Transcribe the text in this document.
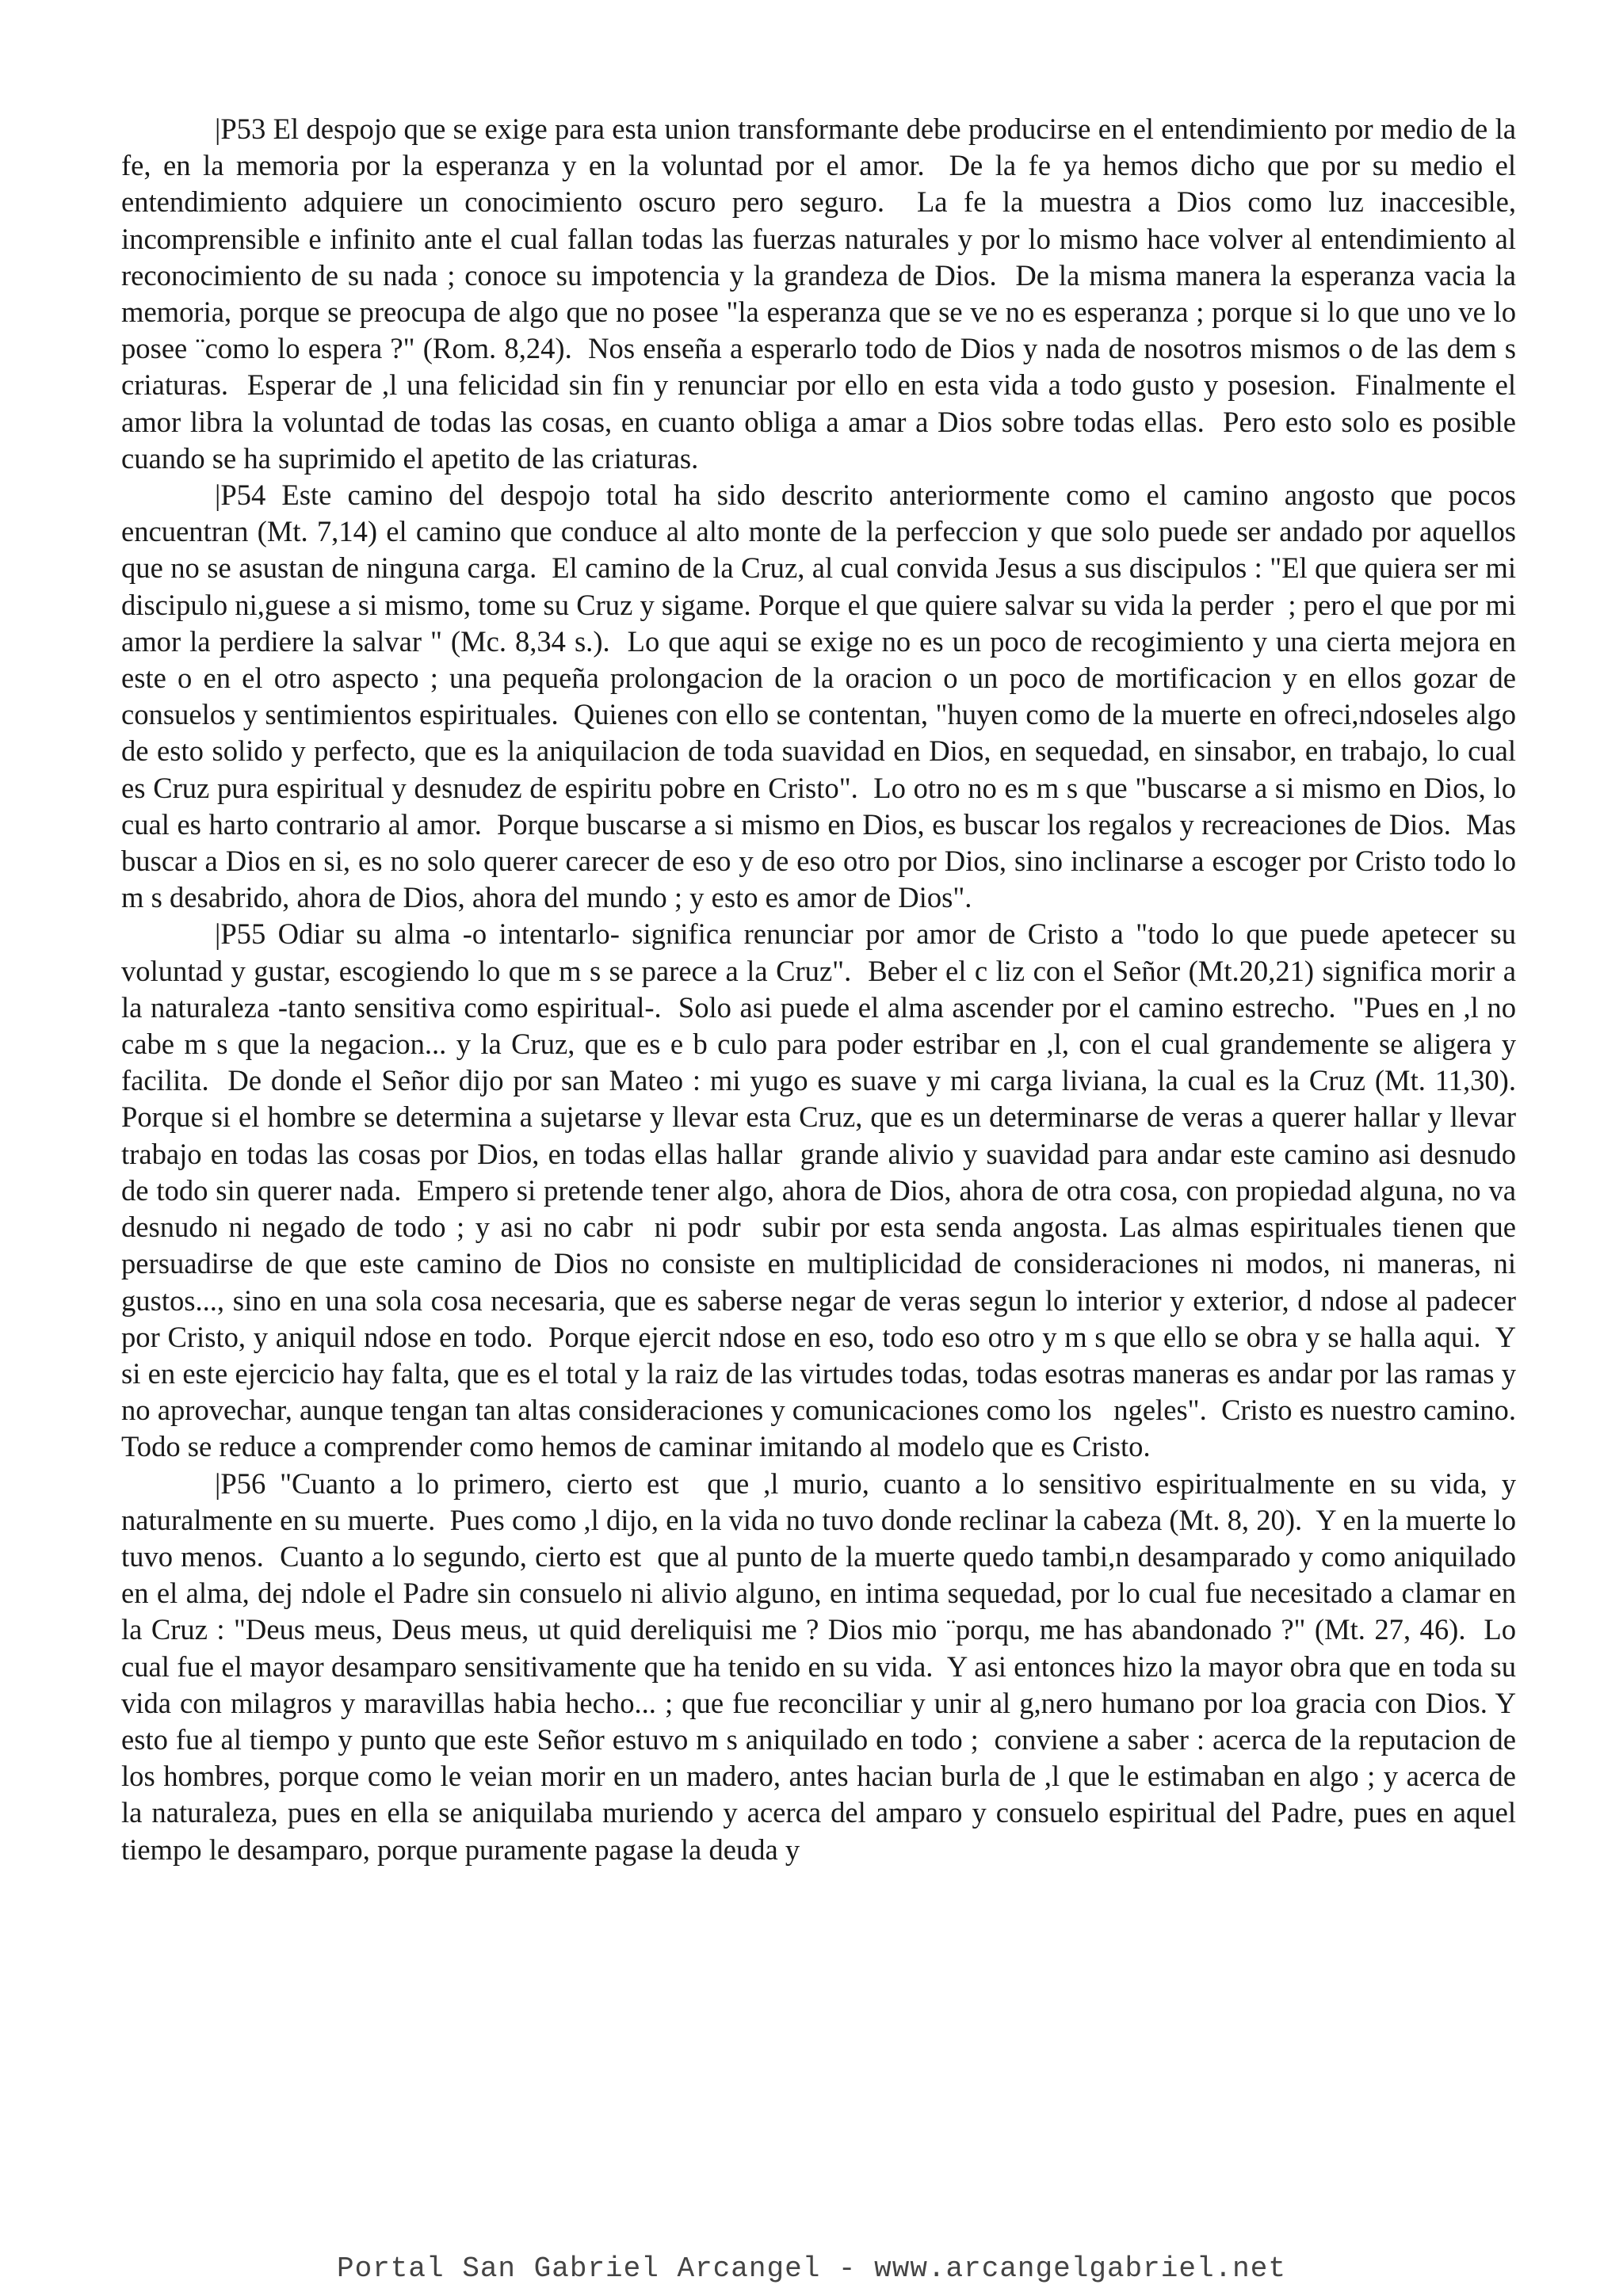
|P53 El despojo que se exige para esta union transformante debe producirse en el entendimiento por medio de la fe, en la memoria por la esperanza y en la voluntad por el amor.  De la fe ya hemos dicho que por su medio el entendimiento adquiere un conocimiento oscuro pero seguro.  La fe la muestra a Dios como luz inaccesible, incomprensible e infinito ante el cual fallan todas las fuerzas naturales y por lo mismo hace volver al entendimiento al reconocimiento de su nada ; conoce su impotencia y la grandeza de Dios.  De la misma manera la esperanza vacia la memoria, porque se preocupa de algo que no posee "la esperanza que se ve no es esperanza ; porque si lo que uno ve lo posee ¨como lo espera ?" (Rom. 8,24).  Nos enseña a esperarlo todo de Dios y nada de nosotros mismos o de las dem s criaturas.  Esperar de ,l una felicidad sin fin y renunciar por ello en esta vida a todo gusto y posesion.  Finalmente el amor libra la voluntad de todas las cosas, en cuanto obliga a amar a Dios sobre todas ellas.  Pero esto solo es posible cuando se ha suprimido el apetito de las criaturas.

|P54 Este camino del despojo total ha sido descrito anteriormente como el camino angosto que pocos encuentran (Mt. 7,14) el camino que conduce al alto monte de la perfeccion y que solo puede ser andado por aquellos que no se asustan de ninguna carga.  El camino de la Cruz, al cual convida Jesus a sus discipulos : "El que quiera ser mi discipulo ni,guese a si mismo, tome su Cruz y sigame. Porque el que quiere salvar su vida la perder  ; pero el que por mi amor la perdiere la salvar " (Mc. 8,34 s.).  Lo que aqui se exige no es un poco de recogimiento y una cierta mejora en este o en el otro aspecto ; una pequeña prolongacion de la oracion o un poco de mortificacion y en ellos gozar de consuelos y sentimientos espirituales.  Quienes con ello se contentan, "huyen como de la muerte en ofreci,ndoseles algo de esto solido y perfecto, que es la aniquilacion de toda suavidad en Dios, en sequedad, en sinsabor, en trabajo, lo cual es Cruz pura espiritual y desnudez de espiritu pobre en Cristo".  Lo otro no es m s que "buscarse a si mismo en Dios, lo cual es harto contrario al amor.  Porque buscarse a si mismo en Dios, es buscar los regalos y recreaciones de Dios.  Mas buscar a Dios en si, es no solo querer carecer de eso y de eso otro por Dios, sino inclinarse a escoger por Cristo todo lo m s desabrido, ahora de Dios, ahora del mundo ; y esto es amor de Dios".

|P55 Odiar su alma -o intentarlo- significa renunciar por amor de Cristo a "todo lo que puede apetecer su voluntad y gustar, escogiendo lo que m s se parece a la Cruz".  Beber el c liz con el Señor (Mt.20,21) significa morir a la naturaleza -tanto sensitiva como espiritual-.  Solo asi puede el alma ascender por el camino estrecho.  "Pues en ,l no cabe m s que la negacion... y la Cruz, que es e b culo para poder estribar en ,l, con el cual grandemente se aligera y facilita.  De donde el Señor dijo por san Mateo : mi yugo es suave y mi carga liviana, la cual es la Cruz (Mt. 11,30).  Porque si el hombre se determina a sujetarse y llevar esta Cruz, que es un determinarse de veras a querer hallar y llevar trabajo en todas las cosas por Dios, en todas ellas hallar  grande alivio y suavidad para andar este camino asi desnudo de todo sin querer nada.  Empero si pretende tener algo, ahora de Dios, ahora de otra cosa, con propiedad alguna, no va desnudo ni negado de todo ; y asi no cabr  ni podr  subir por esta senda angosta. Las almas espirituales tienen que persuadirse de que este camino de Dios no consiste en multiplicidad de consideraciones ni modos, ni maneras, ni gustos..., sino en una sola cosa necesaria, que es saberse negar de veras segun lo interior y exterior, d ndose al padecer por Cristo, y aniquil ndose en todo.  Porque ejercit ndose en eso, todo eso otro y m s que ello se obra y se halla aqui.  Y si en este ejercicio hay falta, que es el total y la raiz de las virtudes todas, todas esotras maneras es andar por las ramas y no aprovechar, aunque tengan tan altas consideraciones y comunicaciones como los   ngeles".  Cristo es nuestro camino.  Todo se reduce a comprender como hemos de caminar imitando al modelo que es Cristo.

|P56 "Cuanto a lo primero, cierto est  que ,l murio, cuanto a lo sensitivo espiritualmente en su vida, y naturalmente en su muerte.  Pues como ,l dijo, en la vida no tuvo donde reclinar la cabeza (Mt. 8, 20).  Y en la muerte lo tuvo menos.  Cuanto a lo segundo, cierto est  que al punto de la muerte quedo tambi,n desamparado y como aniquilado en el alma, dej ndole el Padre sin consuelo ni alivio alguno, en intima sequedad, por lo cual fue necesitado a clamar en la Cruz : "Deus meus, Deus meus, ut quid dereliquisi me ? Dios mio ¨porqu, me has abandonado ?" (Mt. 27, 46).  Lo cual fue el mayor desamparo sensitivamente que ha tenido en su vida.  Y asi entonces hizo la mayor obra que en toda su vida con milagros y maravillas habia hecho... ; que fue reconciliar y unir al g,nero humano por loa gracia con Dios. Y esto fue al tiempo y punto que este Señor estuvo m s aniquilado en todo ;  conviene a saber : acerca de la reputacion de los hombres, porque como le veian morir en un madero, antes hacian burla de ,l que le estimaban en algo ; y acerca de la naturaleza, pues en ella se aniquilaba muriendo y acerca del amparo y consuelo espiritual del Padre, pues en aquel tiempo le desamparo, porque puramente pagase la deuda y

Portal San Gabriel Arcangel - www.arcangelgabriel.net
